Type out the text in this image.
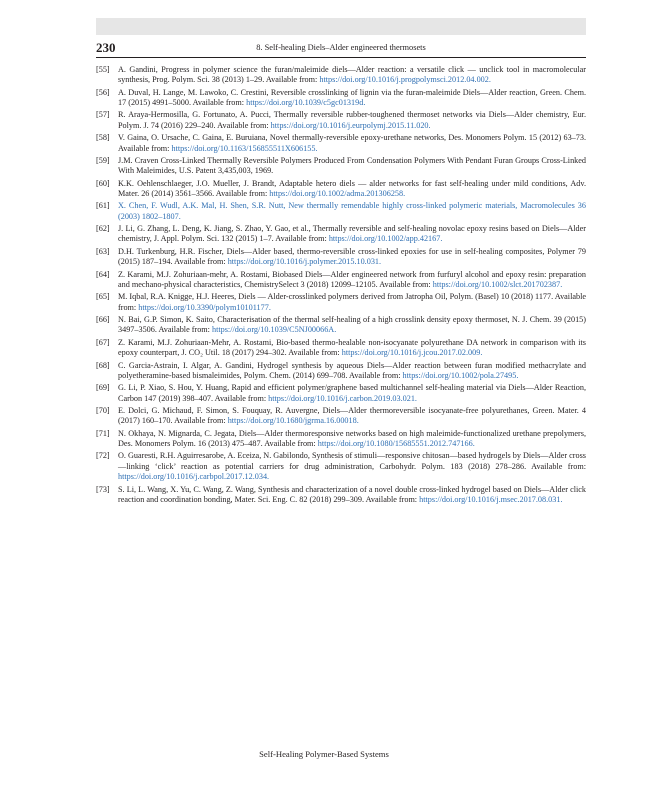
230	8. Self-healing Diels–Alder engineered thermosets
[55] A. Gandini, Progress in polymer science the furan/maleimide diels—Alder reaction: a versatile click — unclick tool in macromolecular synthesis, Prog. Polym. Sci. 38 (2013) 1–29. Available from: https://doi.org/10.1016/j.progpolymsci.2012.04.002.
[56] A. Duval, H. Lange, M. Lawoko, C. Crestini, Reversible crosslinking of lignin via the furan-maleimide Diels—Alder reaction, Green. Chem. 17 (2015) 4991–5000. Available from: https://doi.org/10.1039/c5gc01319d.
[57] R. Araya-Hermosilla, G. Fortunato, A. Pucci, Thermally reversible rubber-toughened thermoset networks via Diels—Alder chemistry, Eur. Polym. J. 74 (2016) 229–240. Available from: https://doi.org/10.1016/j.eurpolymj.2015.11.020.
[58] V. Gaina, O. Ursache, C. Gaina, E. Buruiana, Novel thermally-reversible epoxy-urethane networks, Des. Monomers Polym. 15 (2012) 63–73. Available from: https://doi.org/10.1163/156855511X606155.
[59] J.M. Craven Cross-Linked Thermally Reversible Polymers Produced From Condensation Polymers With Pendant Furan Groups Cross-Linked With Maleimides, U.S. Patent 3,435,003, 1969.
[60] K.K. Oehlenschlaeger, J.O. Mueller, J. Brandt, Adaptable hetero diels — alder networks for fast self-healing under mild conditions, Adv. Mater. 26 (2014) 3561–3566. Available from: https://doi.org/10.1002/adma.201306258.
[61] X. Chen, F. Wudl, A.K. Mal, H. Shen, S.R. Nutt, New thermally remendable highly cross-linked polymeric materials, Macromolecules 36 (2003) 1802–1807.
[62] J. Li, G. Zhang, L. Deng, K. Jiang, S. Zhao, Y. Gao, et al., Thermally reversible and self-healing novolac epoxy resins based on Diels—Alder chemistry, J. Appl. Polym. Sci. 132 (2015) 1–7. Available from: https://doi.org/10.1002/app.42167.
[63] D.H. Turkenburg, H.R. Fischer, Diels—Alder based, thermo-reversible cross-linked epoxies for use in self-healing composites, Polymer 79 (2015) 187–194. Available from: https://doi.org/10.1016/j.polymer.2015.10.031.
[64] Z. Karami, M.J. Zohuriaan-mehr, A. Rostami, Biobased Diels—Alder engineered network from furfuryl alcohol and epoxy resin: preparation and mechano-physical characteristics, ChemistrySelect 3 (2018) 12099–12105. Available from: https://doi.org/10.1002/slct.201702387.
[65] M. Iqbal, R.A. Knigge, H.J. Heeres, Diels — Alder-crosslinked polymers derived from Jatropha Oil, Polym. (Basel) 10 (2018) 1177. Available from: https://doi.org/10.3390/polym10101177.
[66] N. Bai, G.P. Simon, K. Saito, Characterisation of the thermal self-healing of a high crosslink density epoxy thermoset, N. J. Chem. 39 (2015) 3497–3506. Available from: https://doi.org/10.1039/C5NJ00066A.
[67] Z. Karami, M.J. Zohuriaan-Mehr, A. Rostami, Bio-based thermo-healable non-isocyanate polyurethane DA network in comparison with its epoxy counterpart, J. CO₂ Util. 18 (2017) 294–302. Available from: https://doi.org/10.1016/j.jcou.2017.02.009.
[68] C. Garcia-Astrain, I. Algar, A. Gandini, Hydrogel synthesis by aqueous Diels—Alder reaction between furan modified methacrylate and polyetheramine-based bismaleimides, Polym. Chem. (2014) 699–708. Available from: https://doi.org/10.1002/pola.27495.
[69] G. Li, P. Xiao, S. Hou, Y. Huang, Rapid and efficient polymer/graphene based multichannel self-healing material via Diels—Alder Reaction, Carbon 147 (2019) 398–407. Available from: https://doi.org/10.1016/j.carbon.2019.03.021.
[70] E. Dolci, G. Michaud, F. Simon, S. Fouquay, R. Auvergne, Diels—Alder thermoreversible isocyanate-free polyurethanes, Green. Mater. 4 (2017) 160–170. Available from: https://doi.org/10.1680/jgrma.16.00018.
[71] N. Okhaya, N. Mignarda, C. Jegata, Diels—Alder thermoresponsive networks based on high maleimide-functionalized urethane prepolymers, Des. Monomers Polym. 16 (2013) 475–487. Available from: https://doi.org/10.1080/15685551.2012.747166.
[72] O. Guaresti, R.H. Aguirresarobe, A. Eceiza, N. Gabilondo, Synthesis of stimuli—responsive chitosan—based hydrogels by Diels—Alder cross—linking ‘click’ reaction as potential carriers for drug administration, Carbohydr. Polym. 183 (2018) 278–286. Available from: https://doi.org/10.1016/j.carbpol.2017.12.034.
[73] S. Li, L. Wang, X. Yu, C. Wang, Z. Wang, Synthesis and characterization of a novel double cross-linked hydrogel based on Diels—Alder click reaction and coordination bonding, Mater. Sci. Eng. C. 82 (2018) 299–309. Available from: https://doi.org/10.1016/j.msec.2017.08.031.
Self-Healing Polymer-Based Systems
